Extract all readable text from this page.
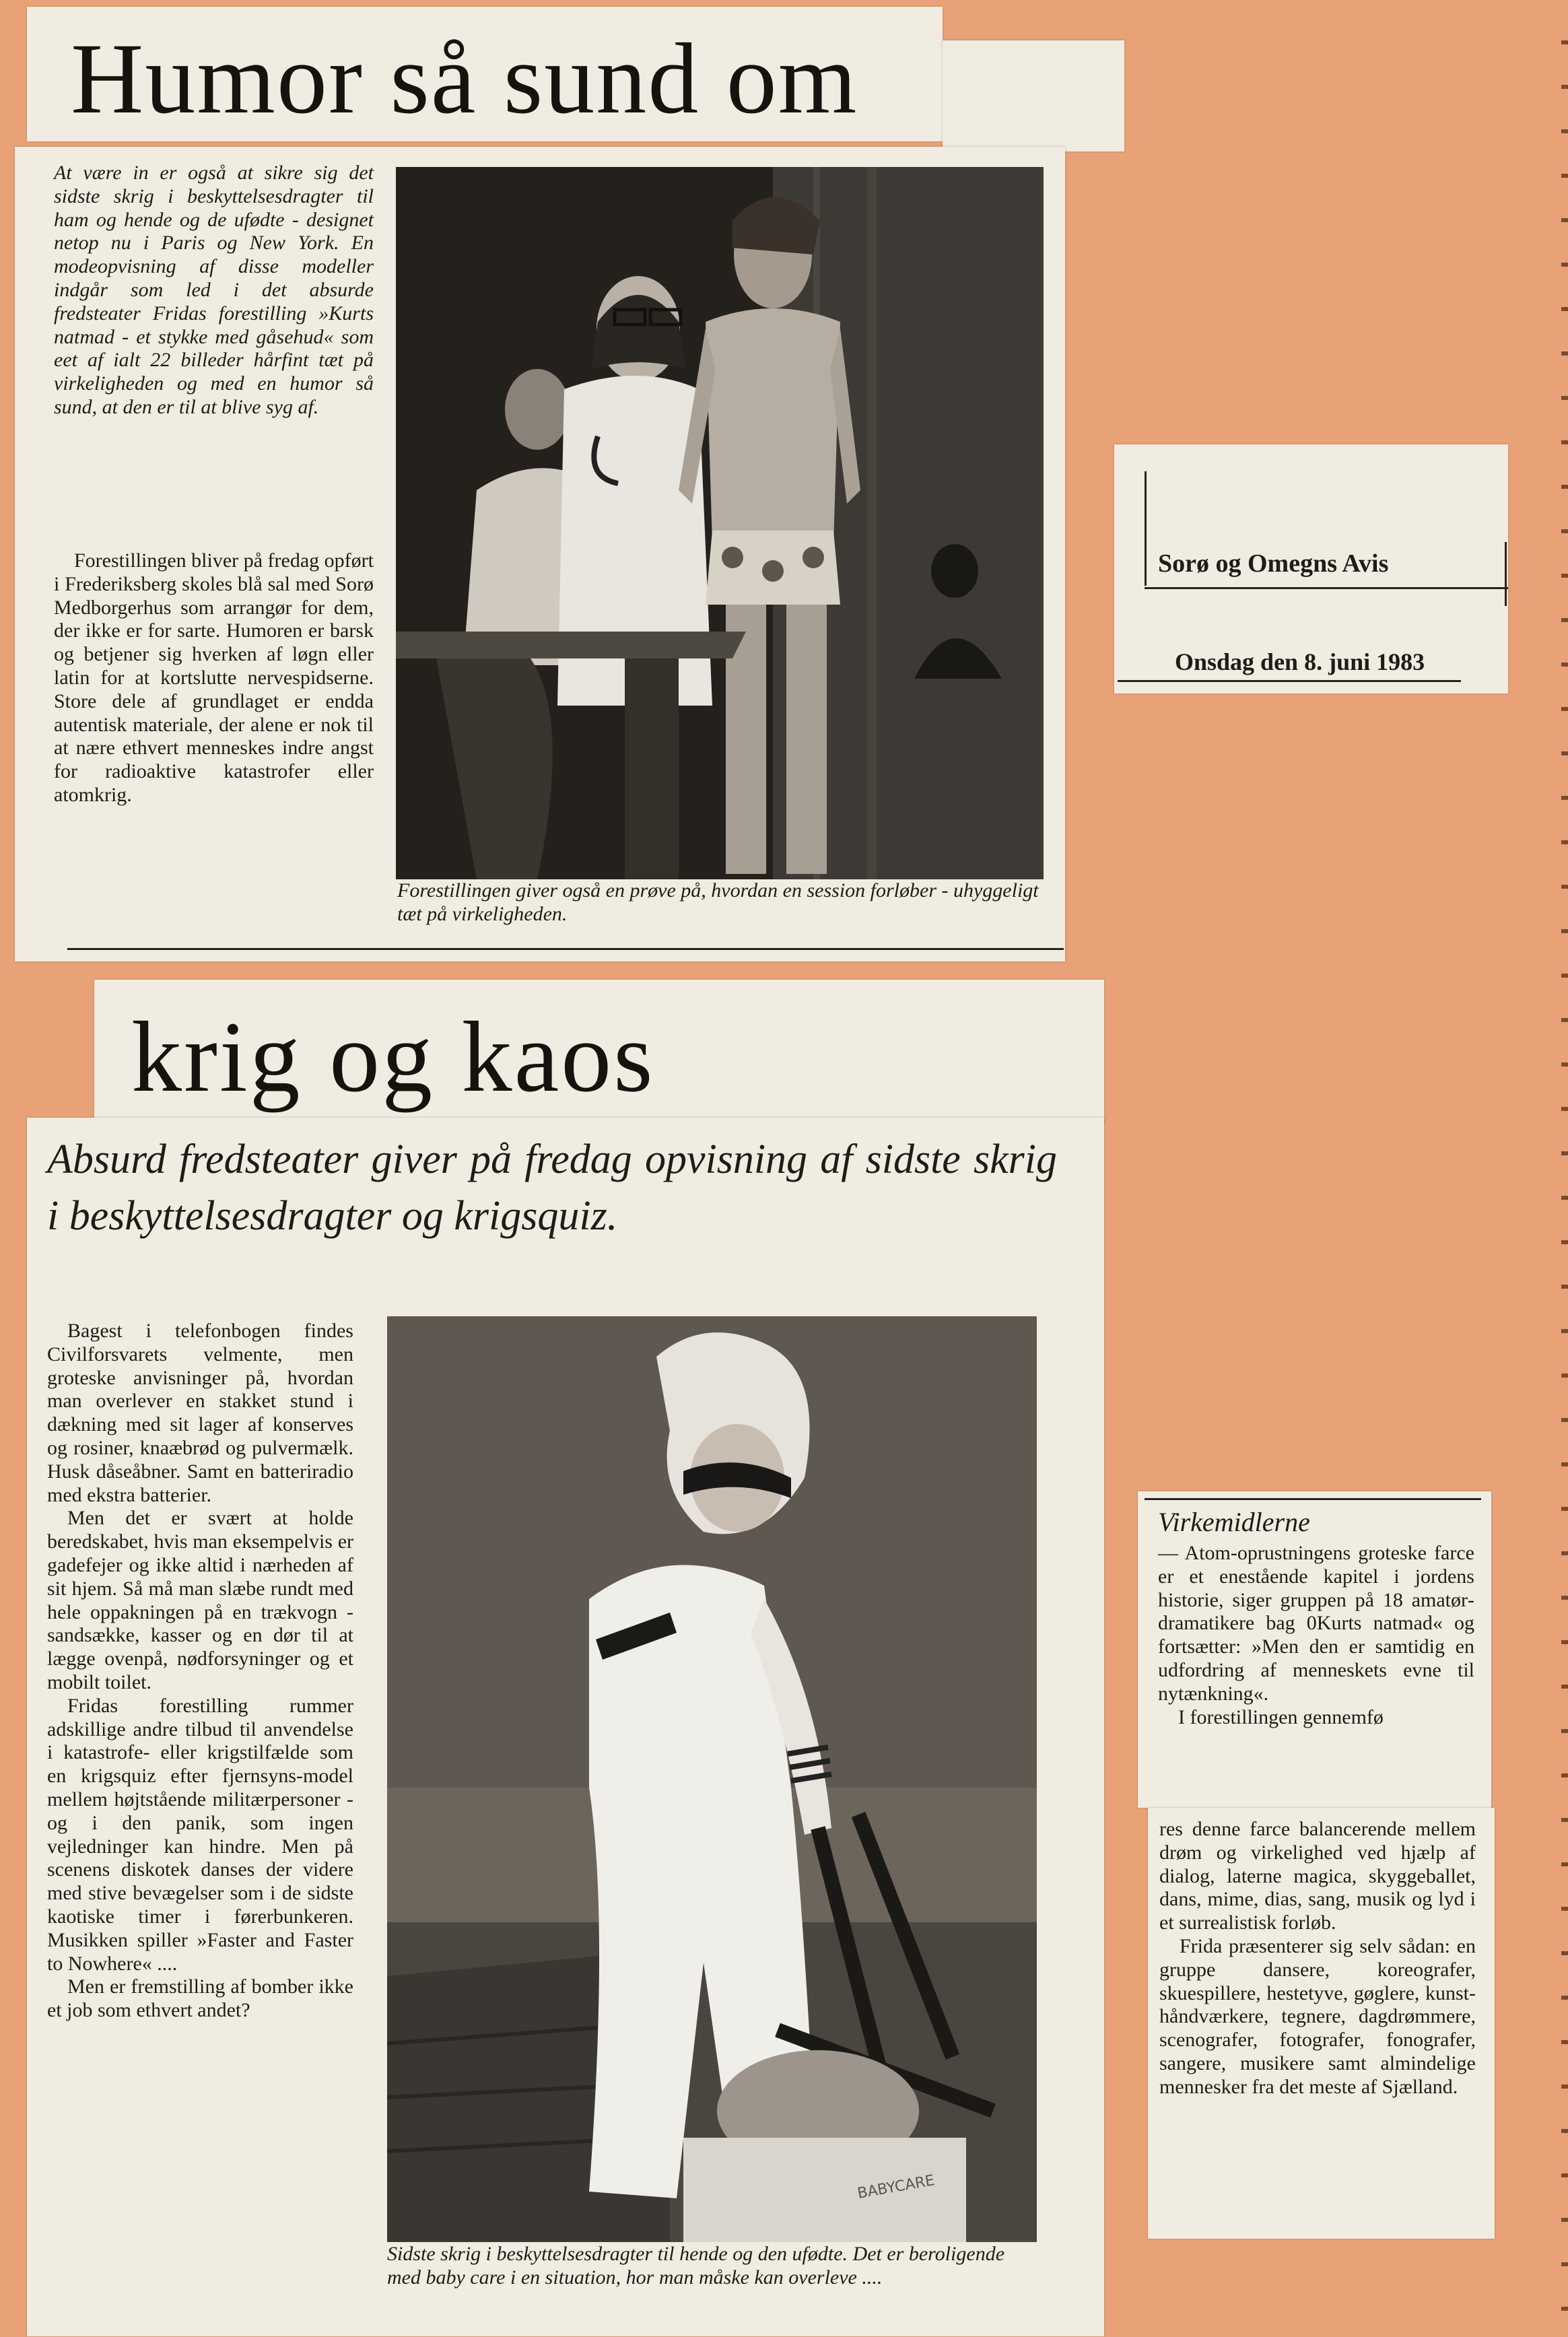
Humor så sund om

At være in er også at sikre sig det sidste skrig i beskyttelsesdragter til ham og hende og de ufødte - designet netop nu i Paris og New York. En modeopvisning af disse modeller indgår som led i det absurde fredsteater Fridas forestilling »Kurts natmad - et stykke med gåsehud« som eet af ialt 22 billeder hårfint tæt på virkeligheden og med en humor så sund, at den er til at blive syg af.

Forestillingen bliver på fredag opført i Frederiksberg skoles blå sal med Sorø Medborgerhus som arrangør for dem, der ikke er for sarte. Humoren er barsk og betjener sig hverken af løgn eller latin for at kortslutte nervespidserne. Store dele af grundlaget er endda autentisk materiale, der alene er nok til at nære ethvert menneskes indre angst for radioaktive katastrofer eller atomkrig.

Forestillingen giver også en prøve på, hvordan en session forløber - uhyggeligt tæt på virkeligheden.

Sorø og Omegns Avis
Onsdag den 8. juni 1983
krig og kaos

Absurd fredsteater giver på fredag opvisning af sidste skrig i beskyttelsesdragter og krigsquiz.

Bagest i telefonbogen findes Civilforsvarets velmente, men groteske anvisninger på, hvordan man overlever en stakket stund i dækning med sit lager af konserves og rosiner, knaæbrød og pulvermælk. Husk dåseåbner. Samt en batteriradio med ekstra batterier.

Men det er svært at holde beredskabet, hvis man eksempelvis er gadefejer og ikke altid i nærheden af sit hjem. Så må man slæbe rundt med hele oppakningen på en trækvogn - sandsække, kasser og en dør til at lægge ovenpå, nødforsyninger og et mobilt toilet.

Fridas forestilling rummer adskillige andre tilbud til anvendelse i katastrofe- eller krigstilfælde som en krigsquiz efter fjernsyns-model mellem højtstående militærpersoner - og i den panik, som ingen vejledninger kan hindre. Men på scenens diskotek danses der videre med stive bevægelser som i de sidste kaotiske timer i førerbunkeren. Musikken spiller »Faster and Faster to Nowhere« ....

Men er fremstilling af bomber ikke et job som ethvert andet?

BABYCARE

Sidste skrig i beskyttelsesdragter til hende og den ufødte. Det er beroligende med baby care i en situation, hor man måske kan overleve ....

Virkemidlerne

— Atom-oprustningens groteske farce er et enestående kapitel i jordens historie, siger gruppen på 18 amatørdramatikere bag 0Kurts natmad« og fortsætter: »Men den er samtidig en udfordring af menneskets evne til nytænkning«.

I forestillingen gennemfø

res denne farce balancerende mellem drøm og virkelighed ved hjælp af dialog, laterne magica, skyggeballet, dans, mime, dias, sang, musik og lyd i et surrealistisk forløb.

Frida præsenterer sig selv sådan: en gruppe dansere, koreografer, skuespillere, hestetyve, gøglere, kunsthåndværkere, tegnere, dagdrømmere, scenografer, fotografer, fonografer, sangere, musikere samt almindelige mennesker fra det meste af Sjælland.
